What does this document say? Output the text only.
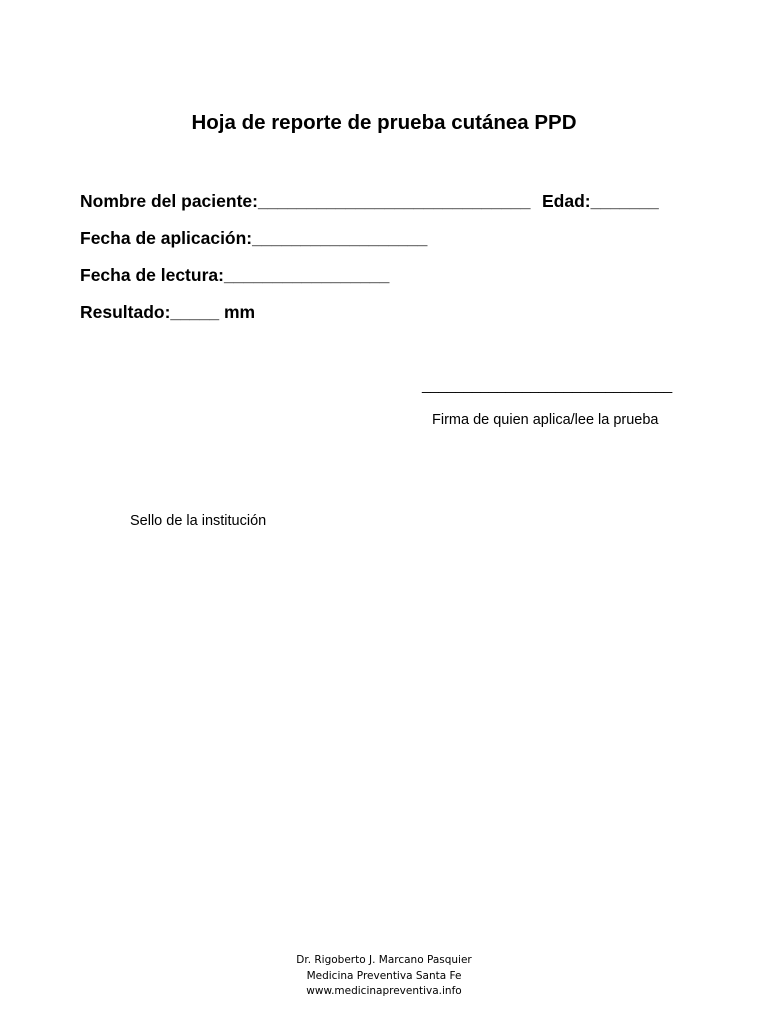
Hoja de reporte de prueba cutánea PPD
Nombre del paciente:____________________________ Edad:_______
Fecha de aplicación:__________________
Fecha de lectura:_________________
Resultado:_____ mm
______________________________
Firma de quien aplica/lee la prueba
Sello de la institución
Dr. Rigoberto J. Marcano Pasquier
Medicina Preventiva Santa Fe
www.medicinapreventiva.info
